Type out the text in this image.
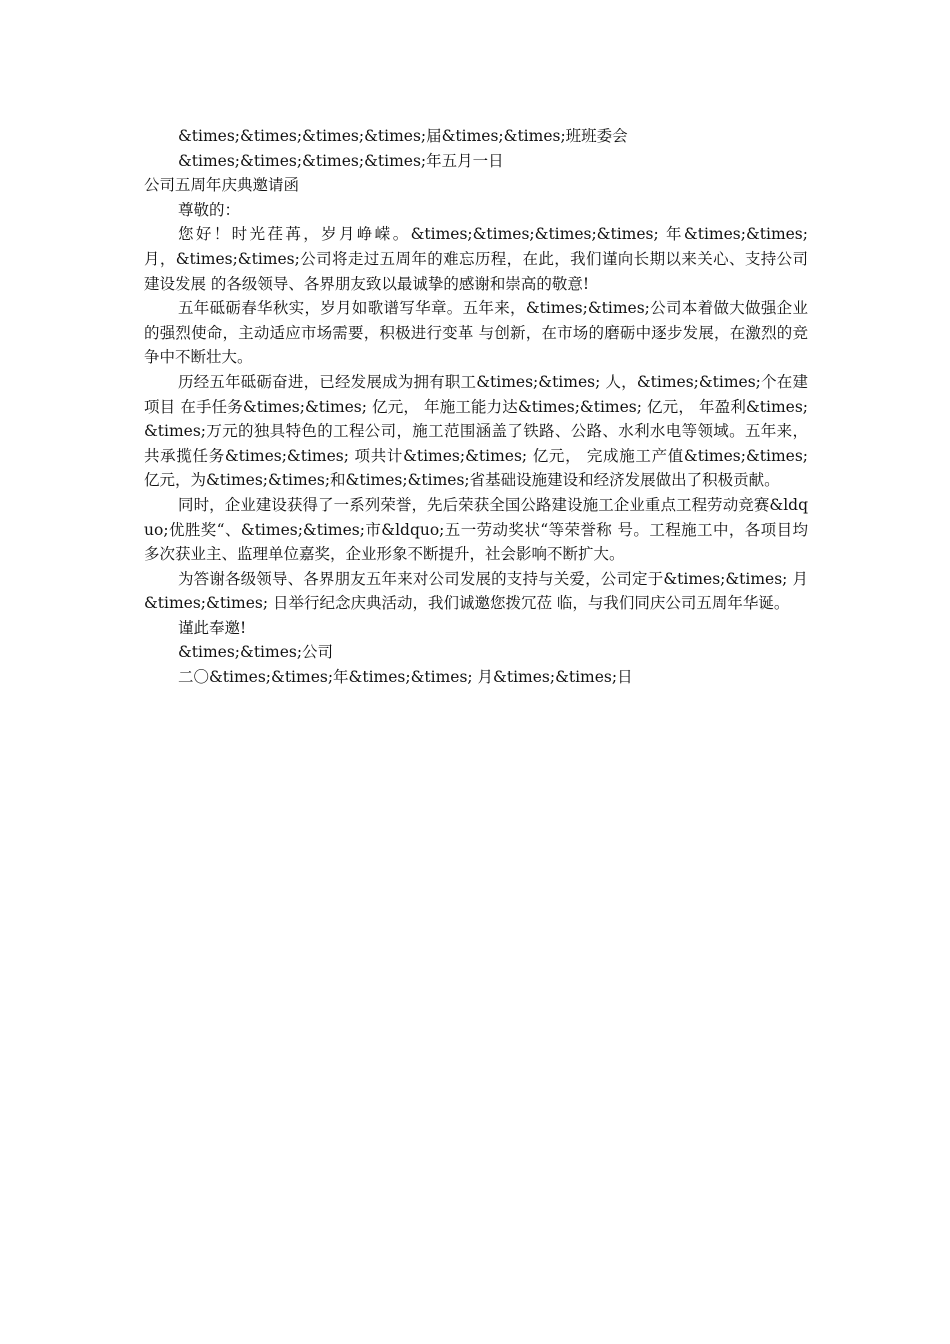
&times;&times;&times;&times;届&times;&times;班班委会
&times;&times;&times;&times;年五月一日
公司五周年庆典邀请函
尊敬的：

您好！时光荏苒，岁月峥嵘。&times;&times;&times;&times; 年&times;&times; 月，&times;&times;公司将走过五周年的难忘历程，在此，我们谨向长期以来关心、支持公司建设发展 的各级领导、各界朋友致以最诚挚的感谢和崇高的敬意!

五年砥砺春华秋实，岁月如歌谱写华章。五年来，&times;&times;公司本着做大做强企业的强烈使命，主动适应市场需要，积极进行变革 与创新，在市场的磨砺中逐步发展，在激烈的竞争中不断壮大。

历经五年砥砺奋进，已经发展成为拥有职工&times;&times; 人，&times;&times;个在建项目 在手任务&times;&times; 亿元， 年施工能力达&times;&times; 亿元， 年盈利&times;&times;万元的独具特色的工程公司，施工范围涵盖了铁路、公路、水利水电等领域。五年来， 共承揽任务&times;&times; 项共计&times;&times; 亿元， 完成施工产值&times;&times; 亿元，为&times;&times;和&times;&times;省基础设施建设和经济发展做出了积极贡献。

同时，企业建设获得了一系列荣誉，先后荣获全国公路建设施工企业重点工程劳动竞赛&ldquo;优胜奖“、&times;&times;市&ldquo;五一劳动奖状“等荣誉称 号。工程施工中，各项目均多次获业主、监理单位嘉奖，企业形象不断提升，社会影响不断扩大。

为答谢各级领导、各界朋友五年来对公司发展的支持与关爱，公司定于&times;&times; 月&times;&times; 日举行纪念庆典活动，我们诚邀您拨冗莅 临，与我们同庆公司五周年华诞。

谨此奉邀!
&times;&times;公司
二〇&times;&times;年&times;&times; 月&times;&times;日
